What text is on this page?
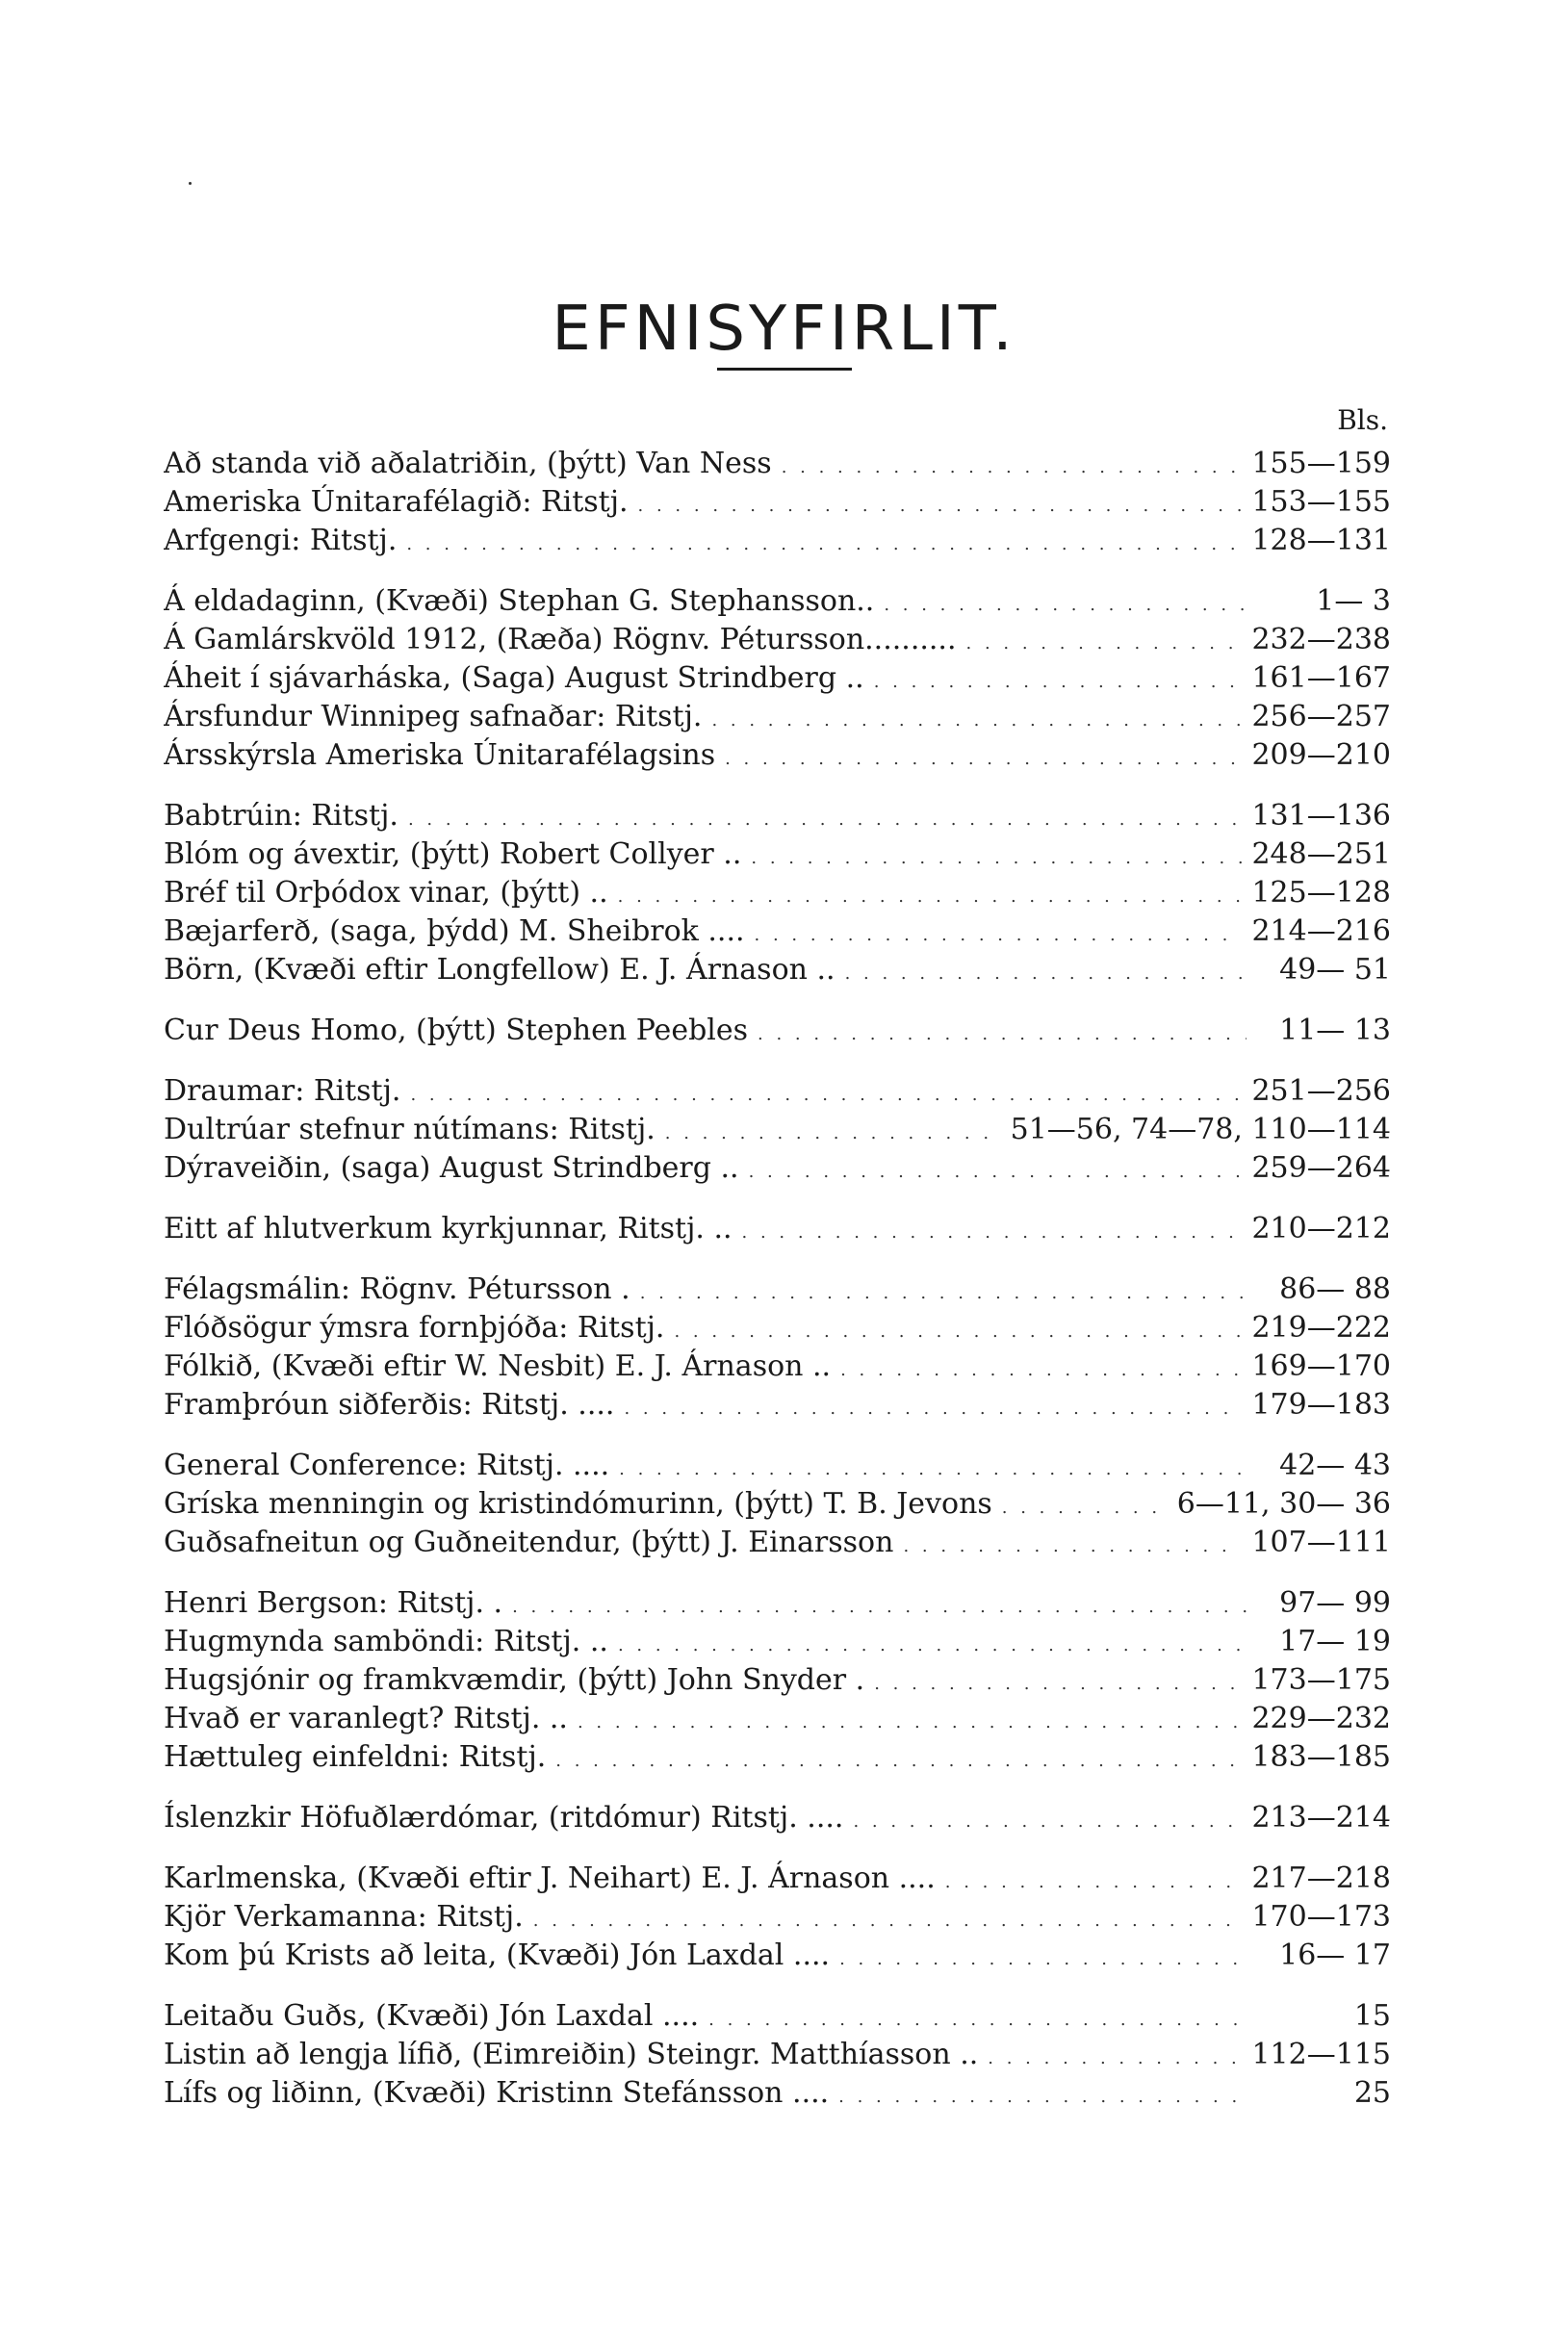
EFNISYFIRLIT.
Bls.
Að standa við aðalatriðin, (þýtt) Van Ness . . .	155—159
Ameriska Únitarafélagið: Ritstj. . . .	153—155
Arfgengi: Ritstj. . . .	128—131
Á eldadaginn, (Kvæði) Stephan G. Stephansson.. . . .	1— 3
Á Gamlárskvöld 1912, (Ræða) Rögnv. Pétursson.......... . . .	232—238
Áheit í sjávarháska, (Saga) August Strindberg .. . . .	161—167
Ársfundur Winnipeg safnaðar: Ritstj. . . .	256—257
Ársskýrsla Ameriska Únitarafélagsins . . .	209—210
Babtrúin: Ritstj. . . .	131—136
Blóm og ávextir, (þýtt) Robert Collyer .. . . .	248—251
Bréf til Orþódox vinar, (þýtt) .. . . .	125—128
Bæjarferð, (saga, þýdd) M. Sheibrok .... . . .	214—216
Börn, (Kvæði eftir Longfellow) E. J. Árnason .. . . .	49— 51
Cur Deus Homo, (þýtt) Stephen Peebles . . .	11— 13
Draumar: Ritstj. . . .	251—256
Dultrúar stefnur nútímans: Ritstj. . . .	51—56, 74—78, 110—114
Dýraveiðin, (saga) August Strindberg .. . . .	259—264
Eitt af hlutverkum kyrkjunnar, Ritstj. .. . . .	210—212
Félagsmálin: Rögnv. Pétursson . . . .	86— 88
Flóðsögur ýmsra fornþjóða: Ritstj. . . .	219—222
Fólkið, (Kvæði eftir W. Nesbit) E. J. Árnason .. . . .	169—170
Framþróun siðferðis: Ritstj. .... . . .	179—183
General Conference: Ritstj. .... . . .	42— 43
Gríska menningin og kristindómurinn, (þýtt) T. B. Jevons . . .	6—11, 30— 36
Guðsafneitun og Guðneitendur, (þýtt) J. Einarsson . . .	107—111
Henri Bergson: Ritstj. . . . .	97— 99
Hugmynda samböndi: Ritstj. .. . . .	17— 19
Hugsjónir og framkvæmdir, (þýtt) John Snyder . . . .	173—175
Hvað er varanlegt? Ritstj. .. . . .	229—232
Hættuleg einfeldni: Ritstj. . . .	183—185
Íslenzkir Höfuðlærdómar, (ritdómur) Ritstj. .... . . .	213—214
Karlmenska, (Kvæði eftir J. Neihart) E. J. Árnason .... . . .	217—218
Kjör Verkamanna: Ritstj. . . .	170—173
Kom þú Krists að leita, (Kvæði) Jón Laxdal .... . . .	16— 17
Leitaðu Guðs, (Kvæði) Jón Laxdal .... . . .	15
Listin að lengja lífið, (Eimreiðin) Steingr. Matthíasson .. . . .	112—115
Lífs og liðinn, (Kvæði) Kristinn Stefánsson .... . . .	25
